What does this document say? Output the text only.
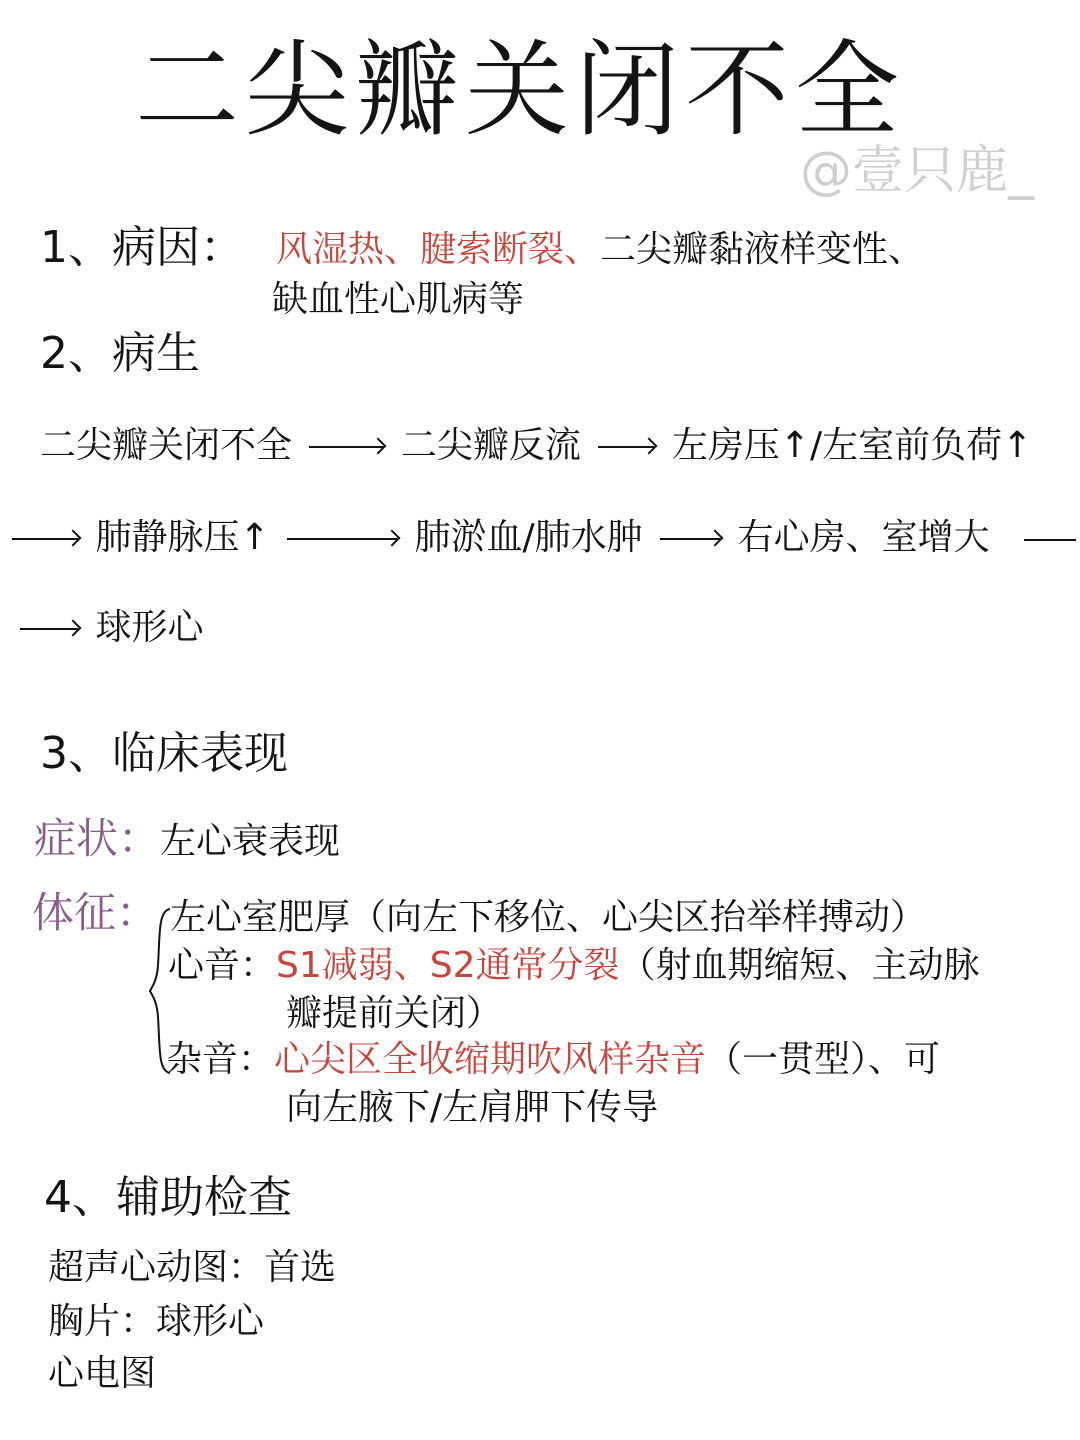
二尖瓣关闭不全
@壹只鹿_
1、病因： 风湿热、腱索断裂、二尖瓣黏液样变性、
缺血性心肌病等
2、病生
二尖瓣关闭不全	二尖瓣反流	左房压↑/左室前负荷↑
肺静脉压↑	肺淤血/肺水肿	右心房、室增大
球形心
3、临床表现
症状：左心衰表现
体征： 左心室肥厚（向左下移位、心尖区抬举样搏动）
心音：S1减弱、S2通常分裂（射血期缩短、主动脉
瓣提前关闭）
杂音：心尖区全收缩期吹风样杂音（一贯型）、可
向左腋下/左肩胛下传导
4、辅助检查
超声心动图：首选
胸片：球形心
心电图
